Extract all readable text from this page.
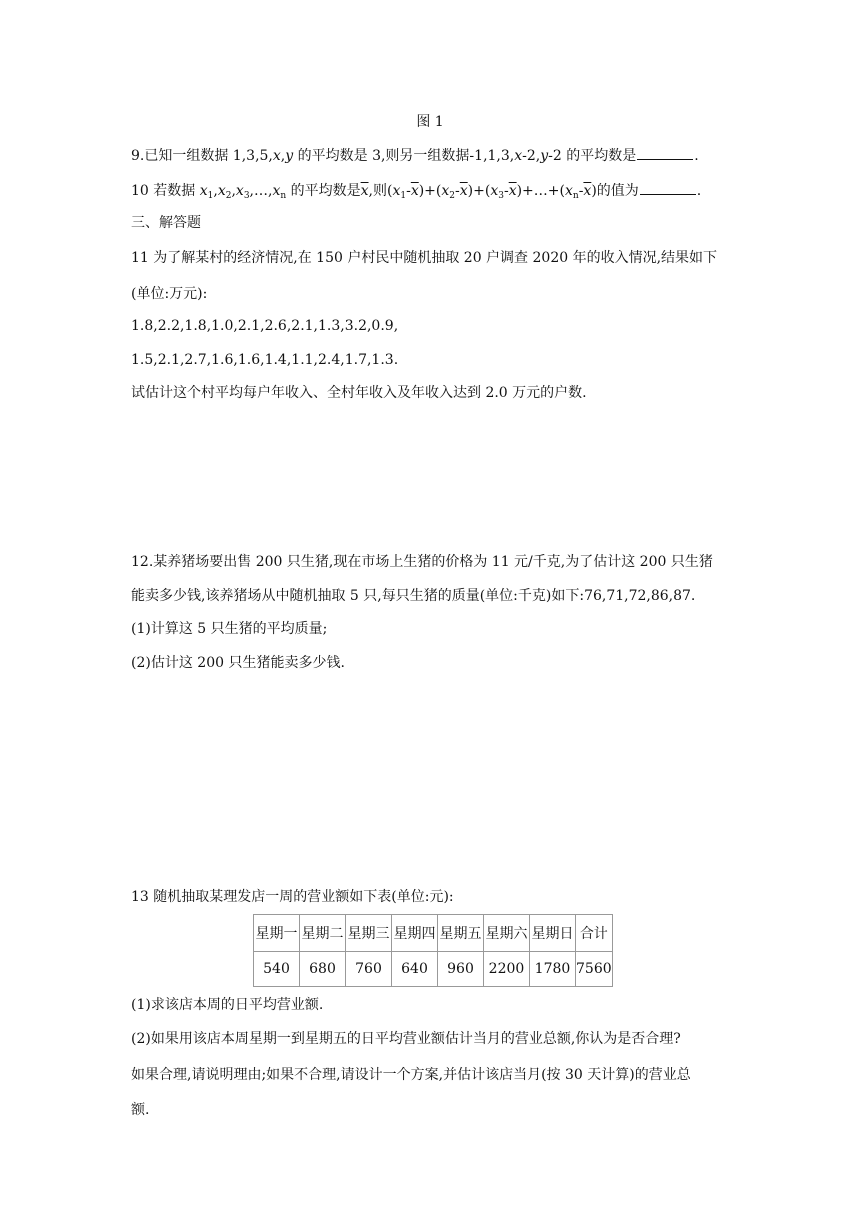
图 1
9.已知一组数据 1,3,5,x,y 的平均数是 3,则另一组数据-1,1,3,x-2,y-2 的平均数是	.
10 若数据 $x_1,x_2,x_3,\dots,x_n$ 的平均数是$\overline{x}$,则$(x_1-\overline{x})+(x_2-\overline{x})+(x_3-\overline{x})+\dots+(x_n-\overline{x})$的值为	.
三、解答题
11 为了解某村的经济情况,在 150 户村民中随机抽取 20 户调查 2020 年的收入情况,结果如下
(单位:万元):
1.8,2.2,1.8,1.0,2.1,2.6,2.1,1.3,3.2,0.9,
1.5,2.1,2.7,1.6,1.6,1.4,1.1,2.4,1.7,1.3.
试估计这个村平均每户年收入、全村年收入及年收入达到 2.0 万元的户数.
12.某养猪场要出售 200 只生猪,现在市场上生猪的价格为 11 元/千克,为了估计这 200 只生猪
能卖多少钱,该养猪场从中随机抽取 5 只,每只生猪的质量(单位:千克)如下:76,71,72,86,87.
(1)计算这 5 只生猪的平均质量;
(2)估计这 200 只生猪能卖多少钱.
13 随机抽取某理发店一周的营业额如下表(单位:元):
星期一	星期二	星期三	星期四	星期五	星期六	星期日	合计
540	680	760	640	960	2200	1780	7560
(1)求该店本周的日平均营业额.
(2)如果用该店本周星期一到星期五的日平均营业额估计当月的营业总额,你认为是否合理?
如果合理,请说明理由;如果不合理,请设计一个方案,并估计该店当月(按 30 天计算)的营业总
额.
